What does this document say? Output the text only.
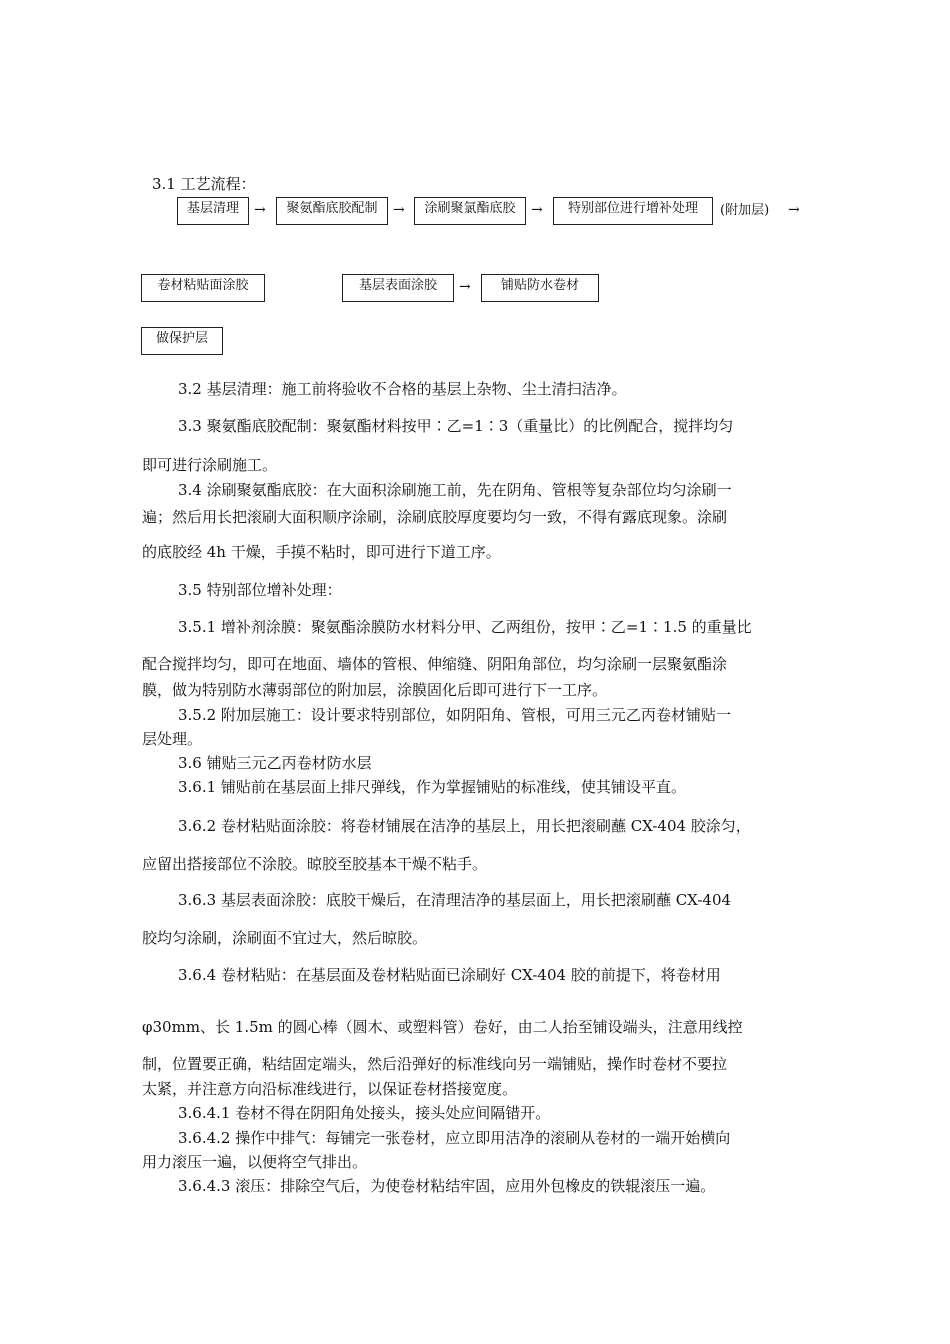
3.1 工艺流程：
基层清理	→	聚氨酯底胶配制	→	涂刷聚氯酯底胶	→	特别部位进行增补处理	(附加层) →
卷材粘贴面涂胶	基层表面涂胶	→	铺贴防水卷材
做保护层
3.2 基层清理：施工前将验收不合格的基层上杂物、尘土清扫洁净。
3.3 聚氨酯底胶配制：聚氨酯材料按甲∶乙=1∶3（重量比）的比例配合，搅拌均匀
即可进行涂刷施工。
3.4 涂刷聚氨酯底胶：在大面积涂刷施工前，先在阴角、管根等复杂部位均匀涂刷一
遍；然后用长把滚刷大面积顺序涂刷，涂刷底胶厚度要均匀一致，不得有露底现象。涂刷
的底胶经 4h 干燥，手摸不粘时，即可进行下道工序。
3.5 特别部位增补处理：
3.5.1 增补剂涂膜：聚氨酯涂膜防水材料分甲、乙两组份，按甲∶乙=1∶1.5 的重量比
配合搅拌均匀，即可在地面、墙体的管根、伸缩缝、阴阳角部位，均匀涂刷一层聚氨酯涂
膜，做为特别防水薄弱部位的附加层，涂膜固化后即可进行下一工序。
3.5.2 附加层施工：设计要求特别部位，如阴阳角、管根，可用三元乙丙卷材铺贴一
层处理。
3.6 铺贴三元乙丙卷材防水层
3.6.1 铺贴前在基层面上排尺弹线，作为掌握铺贴的标准线，使其铺设平直。
3.6.2 卷材粘贴面涂胶：将卷材铺展在洁净的基层上，用长把滚刷蘸 CX-404 胶涂匀，
应留出搭接部位不涂胶。晾胶至胶基本干燥不粘手。
3.6.3 基层表面涂胶：底胶干燥后，在清理洁净的基层面上，用长把滚刷蘸 CX-404
胶均匀涂刷，涂刷面不宜过大，然后晾胶。
3.6.4 卷材粘贴：在基层面及卷材粘贴面已涂刷好 CX-404 胶的前提下，将卷材用
φ30mm、长 1.5m 的圆心棒（圆木、或塑料管）卷好，由二人抬至铺设端头，注意用线控
制，位置要正确，粘结固定端头，然后沿弹好的标准线向另一端铺贴，操作时卷材不要拉
太紧，并注意方向沿标准线进行，以保证卷材搭接宽度。
3.6.4.1 卷材不得在阴阳角处接头，接头处应间隔错开。
3.6.4.2 操作中排气：每铺完一张卷材，应立即用洁净的滚刷从卷材的一端开始横向
用力滚压一遍，以便将空气排出。
3.6.4.3 滚压：排除空气后，为使卷材粘结牢固，应用外包橡皮的铁辊滚压一遍。
